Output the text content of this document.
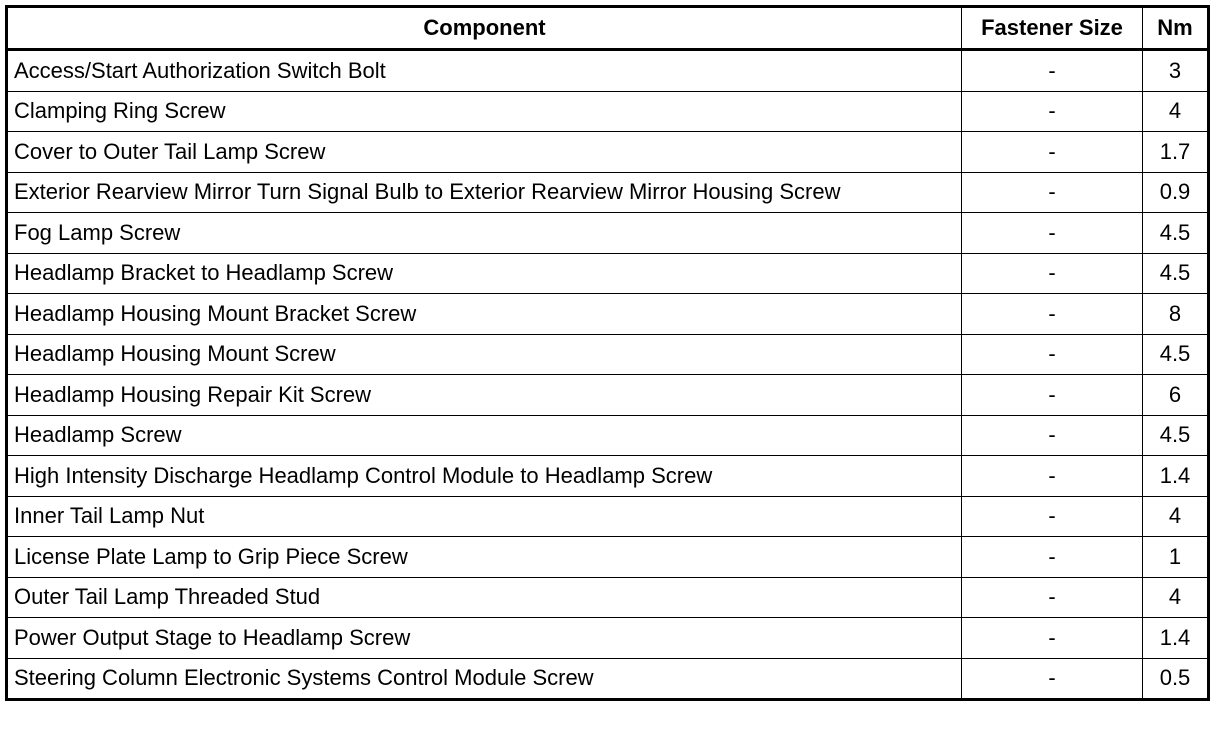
Component	Fastener Size	Nm
Access/Start Authorization Switch Bolt	-	3
Clamping Ring Screw	-	4
Cover to Outer Tail Lamp Screw	-	1.7
Exterior Rearview Mirror Turn Signal Bulb to Exterior Rearview Mirror Housing Screw	-	0.9
Fog Lamp Screw	-	4.5
Headlamp Bracket to Headlamp Screw	-	4.5
Headlamp Housing Mount Bracket Screw	-	8
Headlamp Housing Mount Screw	-	4.5
Headlamp Housing Repair Kit Screw	-	6
Headlamp Screw	-	4.5
High Intensity Discharge Headlamp Control Module to Headlamp Screw	-	1.4
Inner Tail Lamp Nut	-	4
License Plate Lamp to Grip Piece Screw	-	1
Outer Tail Lamp Threaded Stud	-	4
Power Output Stage to Headlamp Screw	-	1.4
Steering Column Electronic Systems Control Module Screw	-	0.5
